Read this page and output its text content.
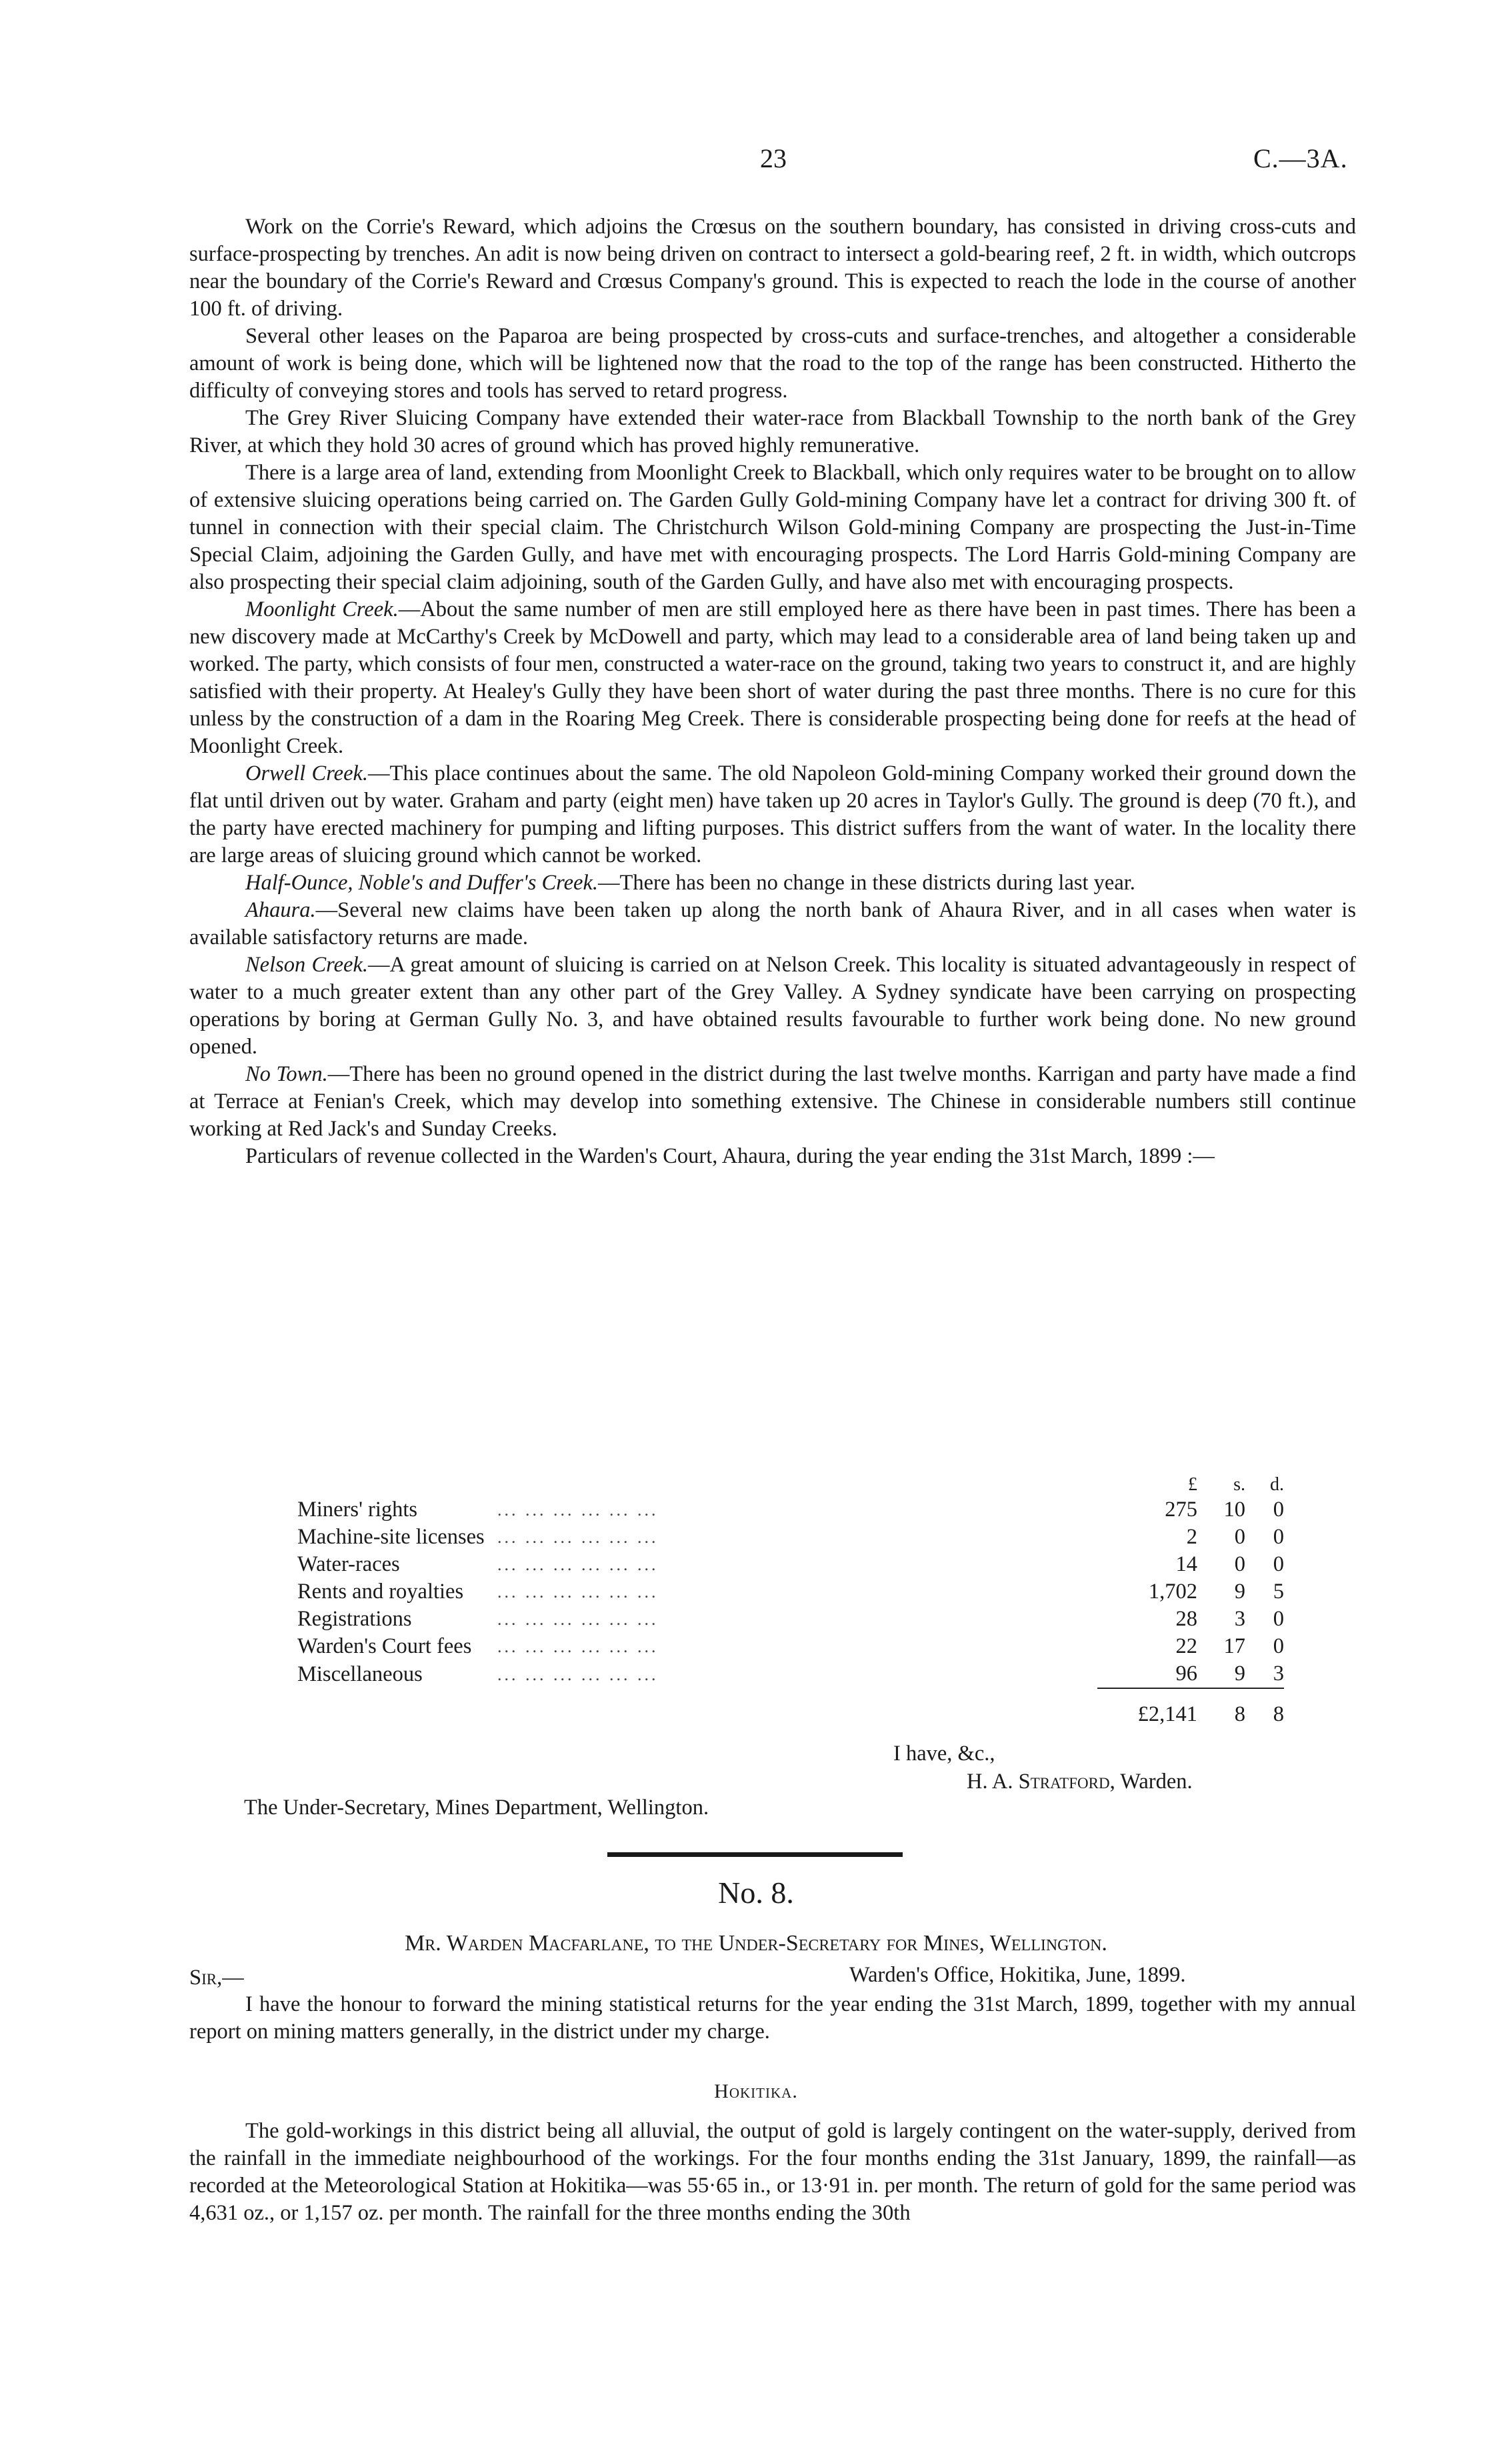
23	C.—3A.

Work on the Corrie's Reward, which adjoins the Crœsus on the southern boundary, has consisted in driving cross-cuts and surface-prospecting by trenches. An adit is now being driven on contract to intersect a gold-bearing reef, 2 ft. in width, which outcrops near the boundary of the Corrie's Reward and Crœsus Company's ground. This is expected to reach the lode in the course of another 100 ft. of driving.

Several other leases on the Paparoa are being prospected by cross-cuts and surface-trenches, and altogether a considerable amount of work is being done, which will be lightened now that the road to the top of the range has been constructed. Hitherto the difficulty of conveying stores and tools has served to retard progress.

The Grey River Sluicing Company have extended their water-race from Blackball Township to the north bank of the Grey River, at which they hold 30 acres of ground which has proved highly remunerative.

There is a large area of land, extending from Moonlight Creek to Blackball, which only requires water to be brought on to allow of extensive sluicing operations being carried on. The Garden Gully Gold-mining Company have let a contract for driving 300 ft. of tunnel in connection with their special claim. The Christchurch Wilson Gold-mining Company are prospecting the Just-in-Time Special Claim, adjoining the Garden Gully, and have met with encouraging prospects. The Lord Harris Gold-mining Company are also prospecting their special claim adjoining, south of the Garden Gully, and have also met with encouraging prospects.

Moonlight Creek.—About the same number of men are still employed here as there have been in past times. There has been a new discovery made at McCarthy's Creek by McDowell and party, which may lead to a considerable area of land being taken up and worked. The party, which consists of four men, constructed a water-race on the ground, taking two years to construct it, and are highly satisfied with their property. At Healey's Gully they have been short of water during the past three months. There is no cure for this unless by the construction of a dam in the Roaring Meg Creek. There is considerable prospecting being done for reefs at the head of Moonlight Creek.

Orwell Creek.—This place continues about the same. The old Napoleon Gold-mining Company worked their ground down the flat until driven out by water. Graham and party (eight men) have taken up 20 acres in Taylor's Gully. The ground is deep (70 ft.), and the party have erected machinery for pumping and lifting purposes. This district suffers from the want of water. In the locality there are large areas of sluicing ground which cannot be worked.

Half-Ounce, Noble's and Duffer's Creek.—There has been no change in these districts during last year.

Ahaura.—Several new claims have been taken up along the north bank of Ahaura River, and in all cases when water is available satisfactory returns are made.

Nelson Creek.—A great amount of sluicing is carried on at Nelson Creek. This locality is situated advantageously in respect of water to a much greater extent than any other part of the Grey Valley. A Sydney syndicate have been carrying on prospecting operations by boring at German Gully No. 3, and have obtained results favourable to further work being done. No new ground opened.

No Town.—There has been no ground opened in the district during the last twelve months. Karrigan and party have made a find at Terrace at Fenian's Creek, which may develop into something extensive. The Chinese in considerable numbers still continue working at Red Jack's and Sunday Creeks.

Particulars of revenue collected in the Warden's Court, Ahaura, during the year ending the 31st March, 1899 :—

		£	s.	d.
Miners' rights	... ... ... ... ... ...	275	10	0
Machine-site licenses	... ... ... ... ... ...	2	0	0
Water-races	... ... ... ... ... ...	14	0	0
Rents and royalties	... ... ... ... ... ...	1,702	9	5
Registrations	... ... ... ... ... ...	28	3	0
Warden's Court fees	... ... ... ... ... ...	22	17	0
Miscellaneous	... ... ... ... ... ...	96	9	3
		£2,141	8	8
I have, &c.,
H. A. Stratford, Warden.
The Under-Secretary, Mines Department, Wellington.
No. 8.
Mr. Warden Macfarlane, to the Under-Secretary for Mines, Wellington.
Sir,—	Warden's Office, Hokitika, June, 1899.

I have the honour to forward the mining statistical returns for the year ending the 31st March, 1899, together with my annual report on mining matters generally, in the district under my charge.

Hokitika.

The gold-workings in this district being all alluvial, the output of gold is largely contingent on the water-supply, derived from the rainfall in the immediate neighbourhood of the workings. For the four months ending the 31st January, 1899, the rainfall—as recorded at the Meteorological Station at Hokitika—was 55·65 in., or 13·91 in. per month. The return of gold for the same period was 4,631 oz., or 1,157 oz. per month. The rainfall for the three months ending the 30th
